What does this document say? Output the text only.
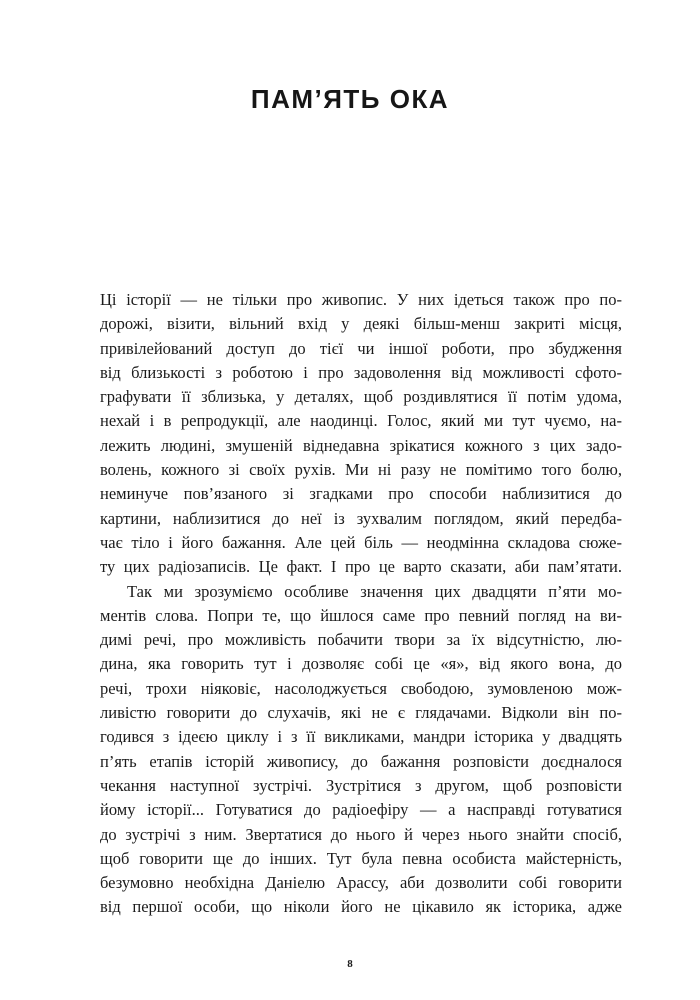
ПАМ’ЯТЬ ОКА
Ці історії — не тільки про живопис. У них ідеться також про по-
дорожі, візити, вільний вхід у деякі більш-менш закриті місця,
привілейований доступ до тієї чи іншої роботи, про збудження
від близькості з роботою і про задоволення від можливості сфото-
графувати її зблизька, у деталях, щоб роздивлятися її потім удома,
нехай і в репродукції, але наодинці. Голос, який ми тут чуємо, на-
лежить людині, змушеній віднедавна зрікатися кожного з цих задо-
волень, кожного зі своїх рухів. Ми ні разу не помітимо того болю,
неминуче пов’язаного зі згадками про способи наблизитися до
картини, наблизитися до неї із зухвалим поглядом, який передба-
чає тіло і його бажання. Але цей біль — неодмінна складова сюже-
ту цих радіозаписів. Це факт. І про це варто сказати, аби пам’ятати.
Так ми зрозуміємо особливе значення цих двадцяти п’яти мо-
ментів слова. Попри те, що йшлося саме про певний погляд на ви-
димі речі, про можливість побачити твори за їх відсутністю, лю-
дина, яка говорить тут і дозволяє собі це «я», від якого вона, до
речі, трохи ніяковіє, насолоджується свободою, зумовленою мож-
ливістю говорити до слухачів, які не є глядачами. Відколи він по-
годився з ідеєю циклу і з її викликами, мандри історика у двадцять
п’ять етапів історій живопису, до бажання розповісти доєдналося
чекання наступної зустрічі. Зустрітися з другом, щоб розповісти
йому історії... Готуватися до радіоефіру — а насправді готуватися
до зустрічі з ним. Звертатися до нього й через нього знайти спосіб,
щоб говорити ще до інших. Тут була певна особиста майстерність,
безумовно необхідна Даніелю Арассу, аби дозволити собі говорити
від першої особи, що ніколи його не цікавило як історика, адже
8
